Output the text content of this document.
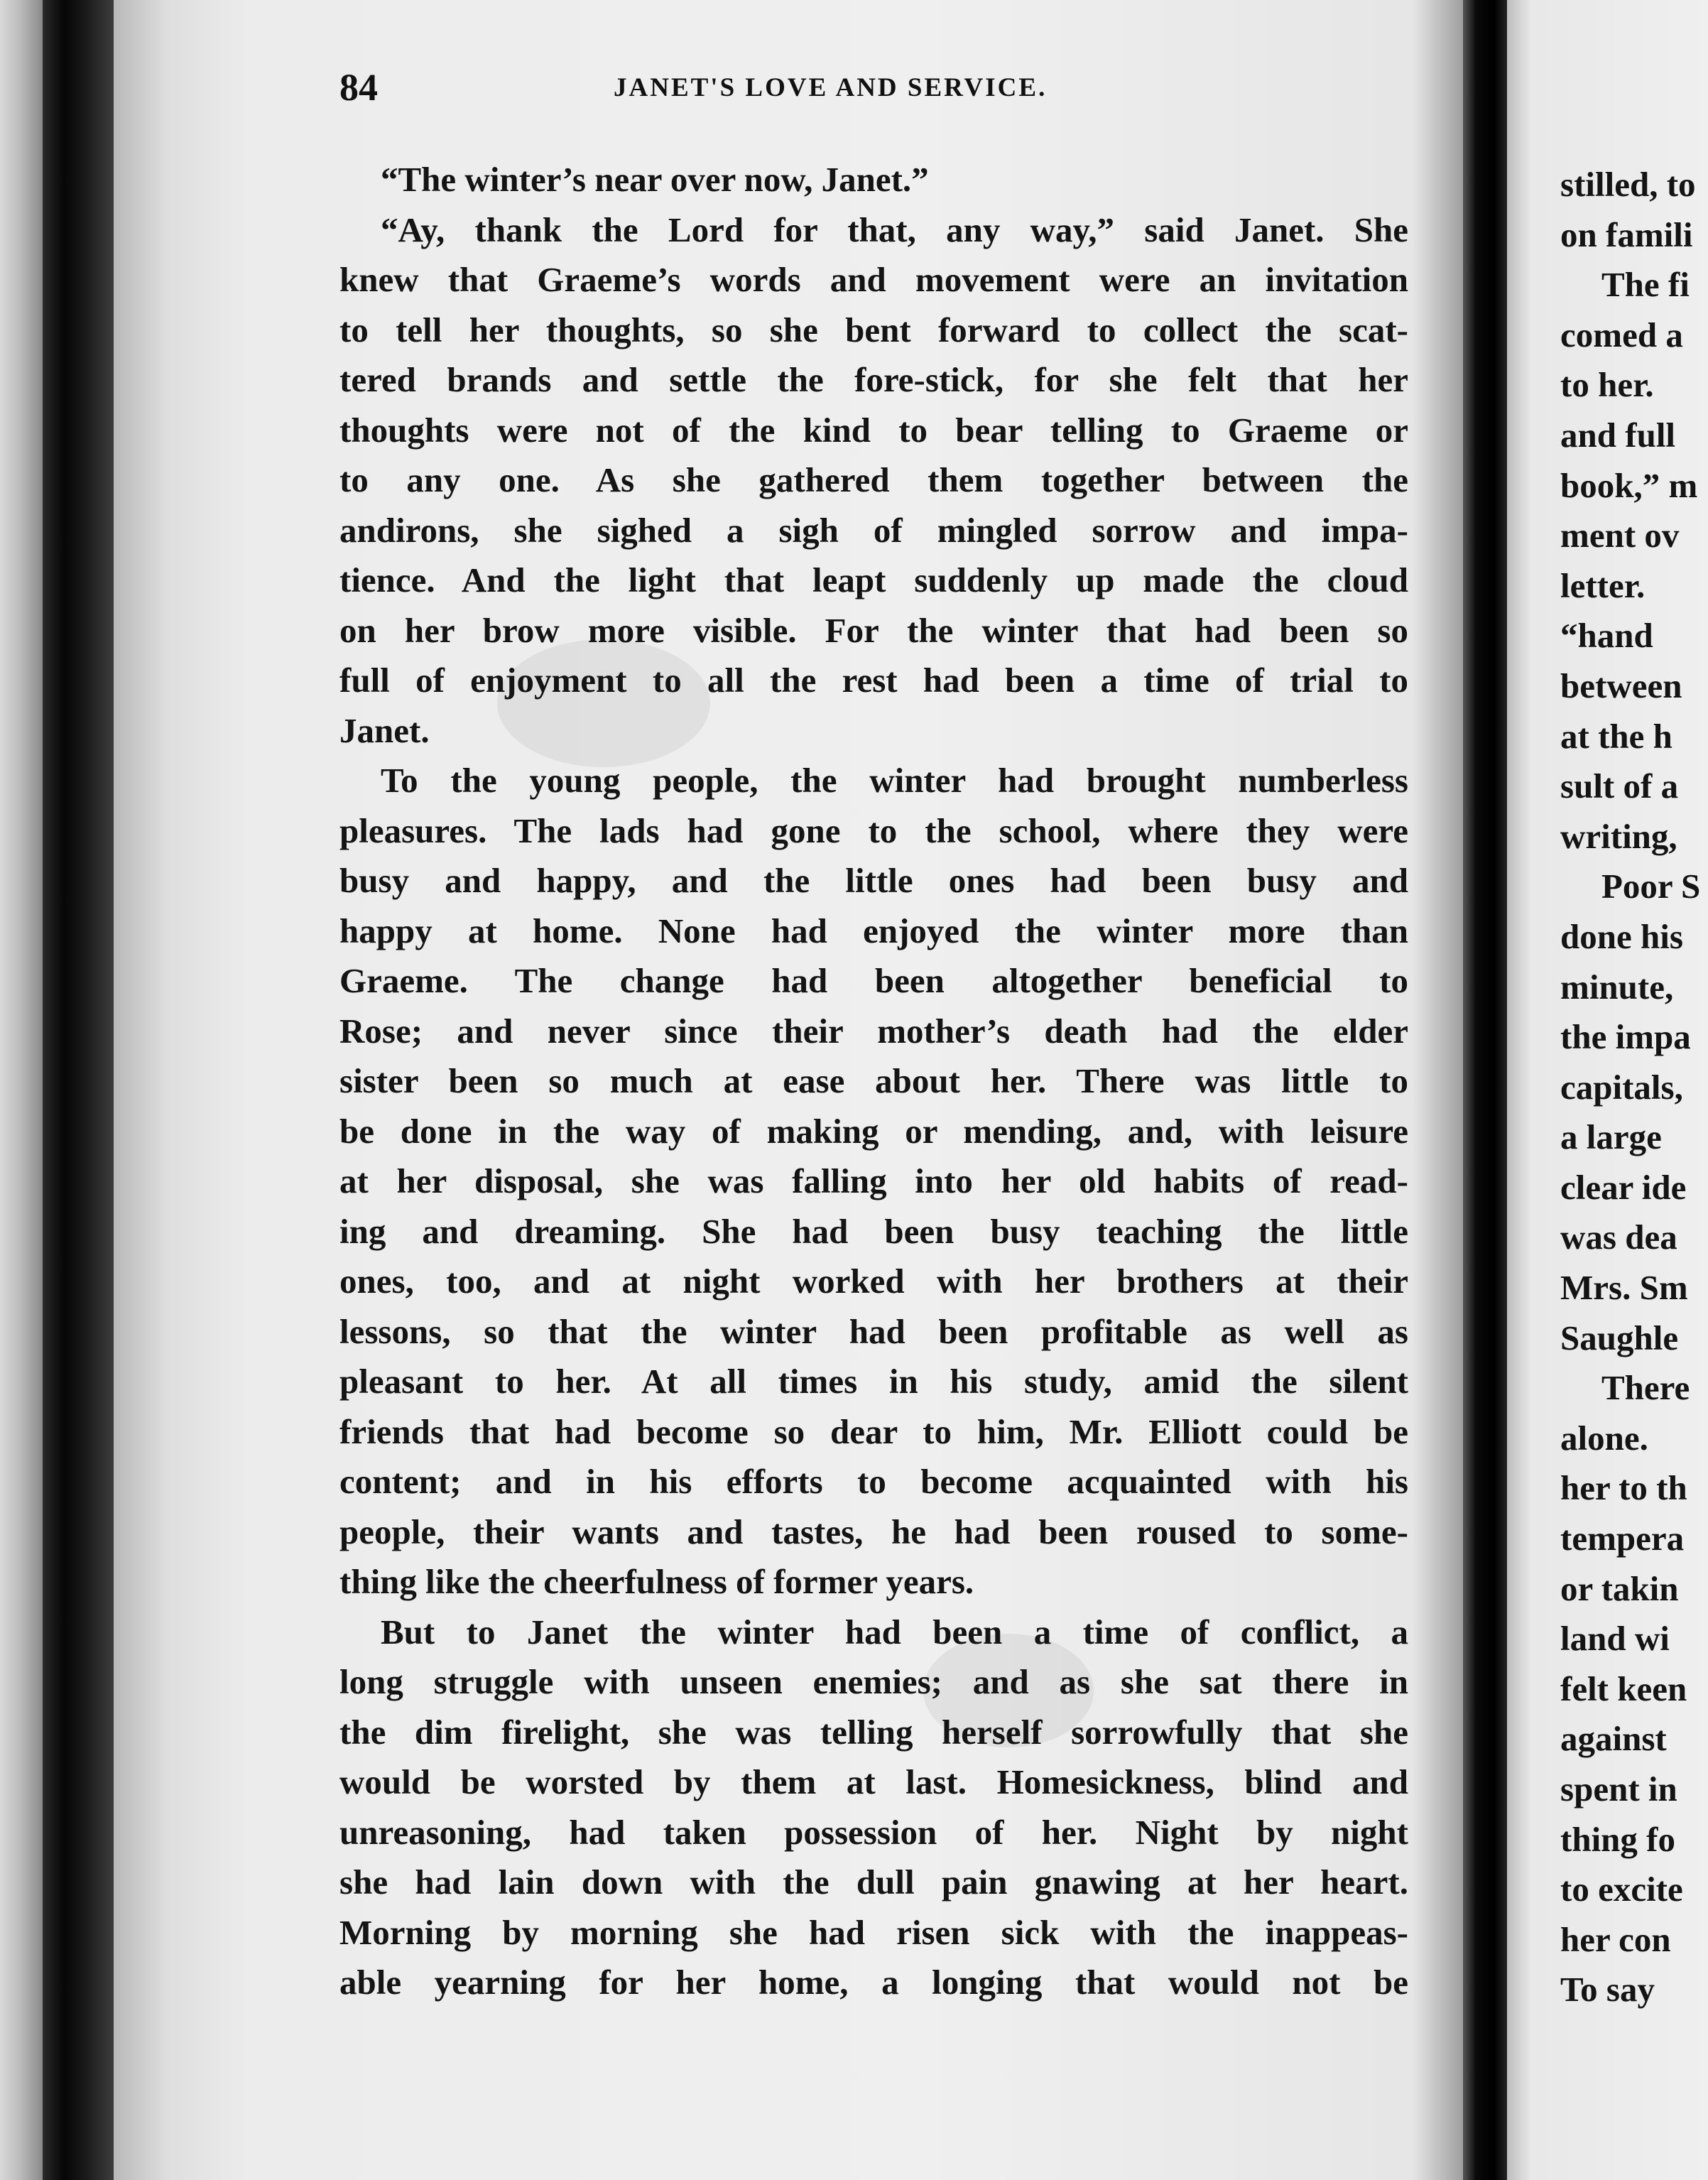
84	JANET'S LOVE AND SERVICE.
“The winter’s near over now, Janet.”
“Ay, thank the Lord for that, any way,” said Janet. She
knew that Graeme’s words and movement were an invitation
to tell her thoughts, so she bent forward to collect the scat-
tered brands and settle the fore-stick, for she felt that her
thoughts were not of the kind to bear telling to Graeme or
to any one. As she gathered them together between the
andirons, she sighed a sigh of mingled sorrow and impa-
tience. And the light that leapt suddenly up made the cloud
on her brow more visible. For the winter that had been so
full of enjoyment to all the rest had been a time of trial to
Janet.
To the young people, the winter had brought numberless
pleasures. The lads had gone to the school, where they were
busy and happy, and the little ones had been busy and
happy at home. None had enjoyed the winter more than
Graeme. The change had been altogether beneficial to
Rose; and never since their mother’s death had the elder
sister been so much at ease about her. There was little to
be done in the way of making or mending, and, with leisure
at her disposal, she was falling into her old habits of read-
ing and dreaming. She had been busy teaching the little
ones, too, and at night worked with her brothers at their
lessons, so that the winter had been profitable as well as
pleasant to her. At all times in his study, amid the silent
friends that had become so dear to him, Mr. Elliott could be
content; and in his efforts to become acquainted with his
people, their wants and tastes, he had been roused to some-
thing like the cheerfulness of former years.
But to Janet the winter had been a time of conflict, a
long struggle with unseen enemies; and as she sat there in
the dim firelight, she was telling herself sorrowfully that she
would be worsted by them at last. Homesickness, blind and
unreasoning, had taken possession of her. Night by night
she had lain down with the dull pain gnawing at her heart.
Morning by morning she had risen sick with the inappeas-
able yearning for her home, a longing that would not be
stilled, to
on famili
The fi
comed a
to her.
and full
book,” m
ment ov
letter.
“hand
between
at the h
sult of a
writing,
Poor S
done his
minute,
the impa
capitals,
a large
clear ide
was dea
Mrs. Sm
Saughle
There
alone.
her to th
tempera
or takin
land wi
felt keen
against
spent in
thing fo
to excite
her con
To say
